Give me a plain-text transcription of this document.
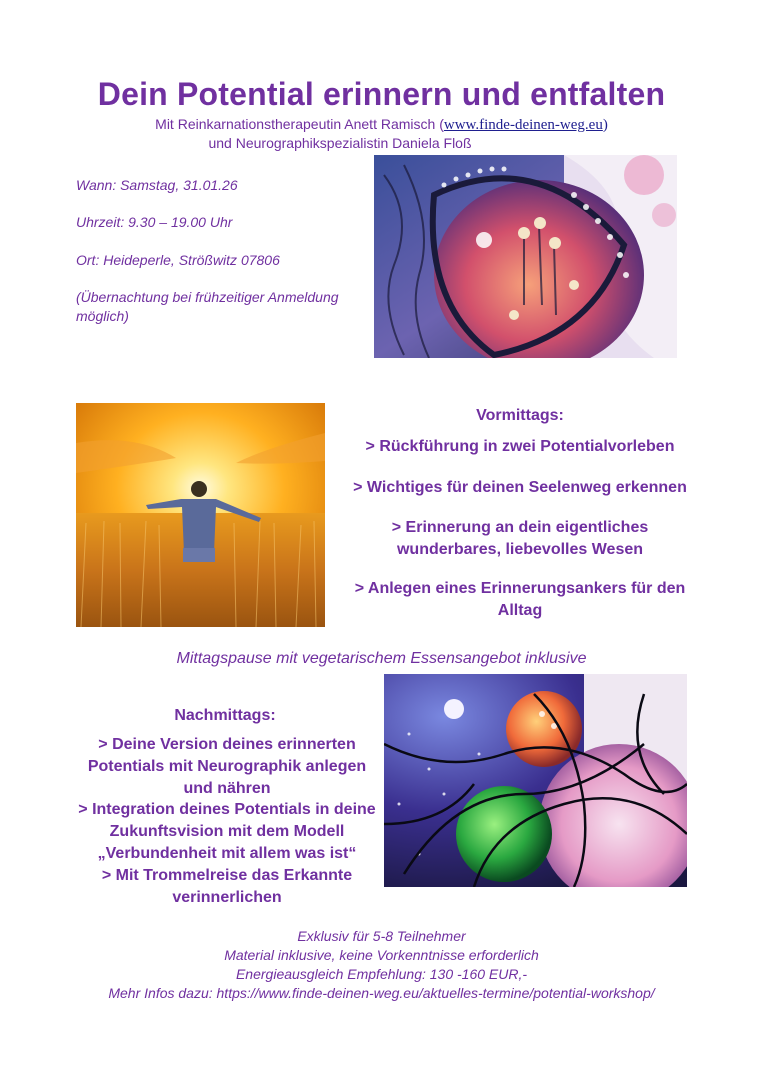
Dein Potential erinnern und entfalten
Mit Reinkarnationstherapeutin Anett Ramisch (www.finde-deinen-weg.eu)
und Neurographikspezialistin Daniela Floß
Wann: Samstag, 31.01.26
Uhrzeit: 9.30 – 19.00 Uhr
Ort: Heideperle, Strößwitz 07806
(Übernachtung bei frühzeitiger Anmeldung möglich)
Vormittags:
> Rückführung in zwei Potentialvorleben
> Wichtiges für deinen Seelenweg erkennen
> Erinnerung an dein eigentliches wunderbares, liebevolles Wesen
> Anlegen eines Erinnerungsankers für den Alltag
Mittagspause mit vegetarischem Essensangebot inklusive
Nachmittags:
> Deine Version deines erinnerten Potentials mit Neurographik anlegen und nähren
> Integration deines Potentials in deine Zukunftsvision mit dem Modell „Verbundenheit mit allem was ist“
> Mit Trommelreise das Erkannte verinnerlichen
Exklusiv für 5-8 Teilnehmer
Material inklusive, keine Vorkenntnisse erforderlich
Energieausgleich Empfehlung: 130 -160 EUR,-
Mehr Infos dazu: https://www.finde-deinen-weg.eu/aktuelles-termine/potential-workshop/
